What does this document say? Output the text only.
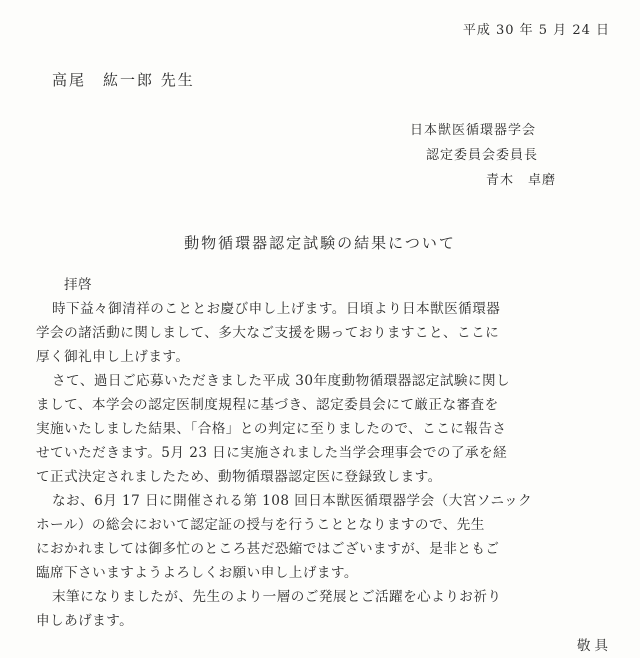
平成 30 年 5 月 24 日
高尾　紘一郎 先生
日本獣医循環器学会
認定委員会委員長
青木　卓磨
動物循環器認定試験の結果について

拝啓

時下益々御清祥のこととお慶び申し上げます。日頃より日本獣医循環器

学会の諸活動に関しまして、多大なご支援を賜っておりますこと、ここに

厚く御礼申し上げます。

さて、過日ご応募いただきました平成 30年度動物循環器認定試験に関し

まして、本学会の認定医制度規程に基づき、認定委員会にて厳正な審査を

実施いたしました結果、「合格」との判定に至りましたので、ここに報告さ

せていただきます。5月 23 日に実施されました当学会理事会での了承を経

て正式決定されましたため、動物循環器認定医に登録致します。

なお、6月 17 日に開催される第 108 回日本獣医循環器学会（大宮ソニック

ホール）の総会において認定証の授与を行うこととなりますので、先生

におかれましては御多忙のところ甚だ恐縮ではございますが、是非ともご

臨席下さいますようよろしくお願い申し上げます。

末筆になりましたが、先生のより一層のご発展とご活躍を心よりお祈り

申しあげます。

敬具
